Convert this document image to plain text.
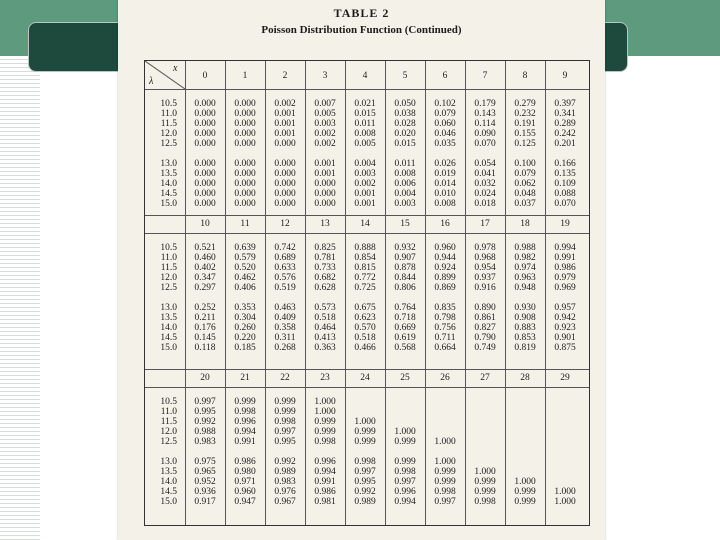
TABLE 2
Poisson Distribution Function (Continued)
x
λ	0	1	2	3	4	5	6	7	8	9
10.5	0.000	0.000	0.002	0.007	0.021	0.050	0.102	0.179	0.279	0.397
11.0	0.000	0.000	0.001	0.005	0.015	0.038	0.079	0.143	0.232	0.341
11.5	0.000	0.000	0.001	0.003	0.011	0.028	0.060	0.114	0.191	0.289
12.0	0.000	0.000	0.001	0.002	0.008	0.020	0.046	0.090	0.155	0.242
12.5	0.000	0.000	0.000	0.002	0.005	0.015	0.035	0.070	0.125	0.201
13.0	0.000	0.000	0.000	0.001	0.004	0.011	0.026	0.054	0.100	0.166
13.5	0.000	0.000	0.000	0.001	0.003	0.008	0.019	0.041	0.079	0.135
14.0	0.000	0.000	0.000	0.000	0.002	0.006	0.014	0.032	0.062	0.109
14.5	0.000	0.000	0.000	0.000	0.001	0.004	0.010	0.024	0.048	0.088
15.0	0.000	0.000	0.000	0.000	0.001	0.003	0.008	0.018	0.037	0.070
10	11	12	13	14	15	16	17	18	19
10.5	0.521	0.639	0.742	0.825	0.888	0.932	0.960	0.978	0.988	0.994
11.0	0.460	0.579	0.689	0.781	0.854	0.907	0.944	0.968	0.982	0.991
11.5	0.402	0.520	0.633	0.733	0.815	0.878	0.924	0.954	0.974	0.986
12.0	0.347	0.462	0.576	0.682	0.772	0.844	0.899	0.937	0.963	0.979
12.5	0.297	0.406	0.519	0.628	0.725	0.806	0.869	0.916	0.948	0.969
13.0	0.252	0.353	0.463	0.573	0.675	0.764	0.835	0.890	0.930	0.957
13.5	0.211	0.304	0.409	0.518	0.623	0.718	0.798	0.861	0.908	0.942
14.0	0.176	0.260	0.358	0.464	0.570	0.669	0.756	0.827	0.883	0.923
14.5	0.145	0.220	0.311	0.413	0.518	0.619	0.711	0.790	0.853	0.901
15.0	0.118	0.185	0.268	0.363	0.466	0.568	0.664	0.749	0.819	0.875
20	21	22	23	24	25	26	27	28	29
10.5	0.997	0.999	0.999	1.000
11.0	0.995	0.998	0.999	1.000
11.5	0.992	0.996	0.998	0.999	1.000
12.0	0.988	0.994	0.997	0.999	0.999	1.000
12.5	0.983	0.991	0.995	0.998	0.999	0.999	1.000
13.0	0.975	0.986	0.992	0.996	0.998	0.999	1.000
13.5	0.965	0.980	0.989	0.994	0.997	0.998	0.999	1.000
14.0	0.952	0.971	0.983	0.991	0.995	0.997	0.999	0.999	1.000
14.5	0.936	0.960	0.976	0.986	0.992	0.996	0.998	0.999	0.999	1.000
15.0	0.917	0.947	0.967	0.981	0.989	0.994	0.997	0.998	0.999	1.000
